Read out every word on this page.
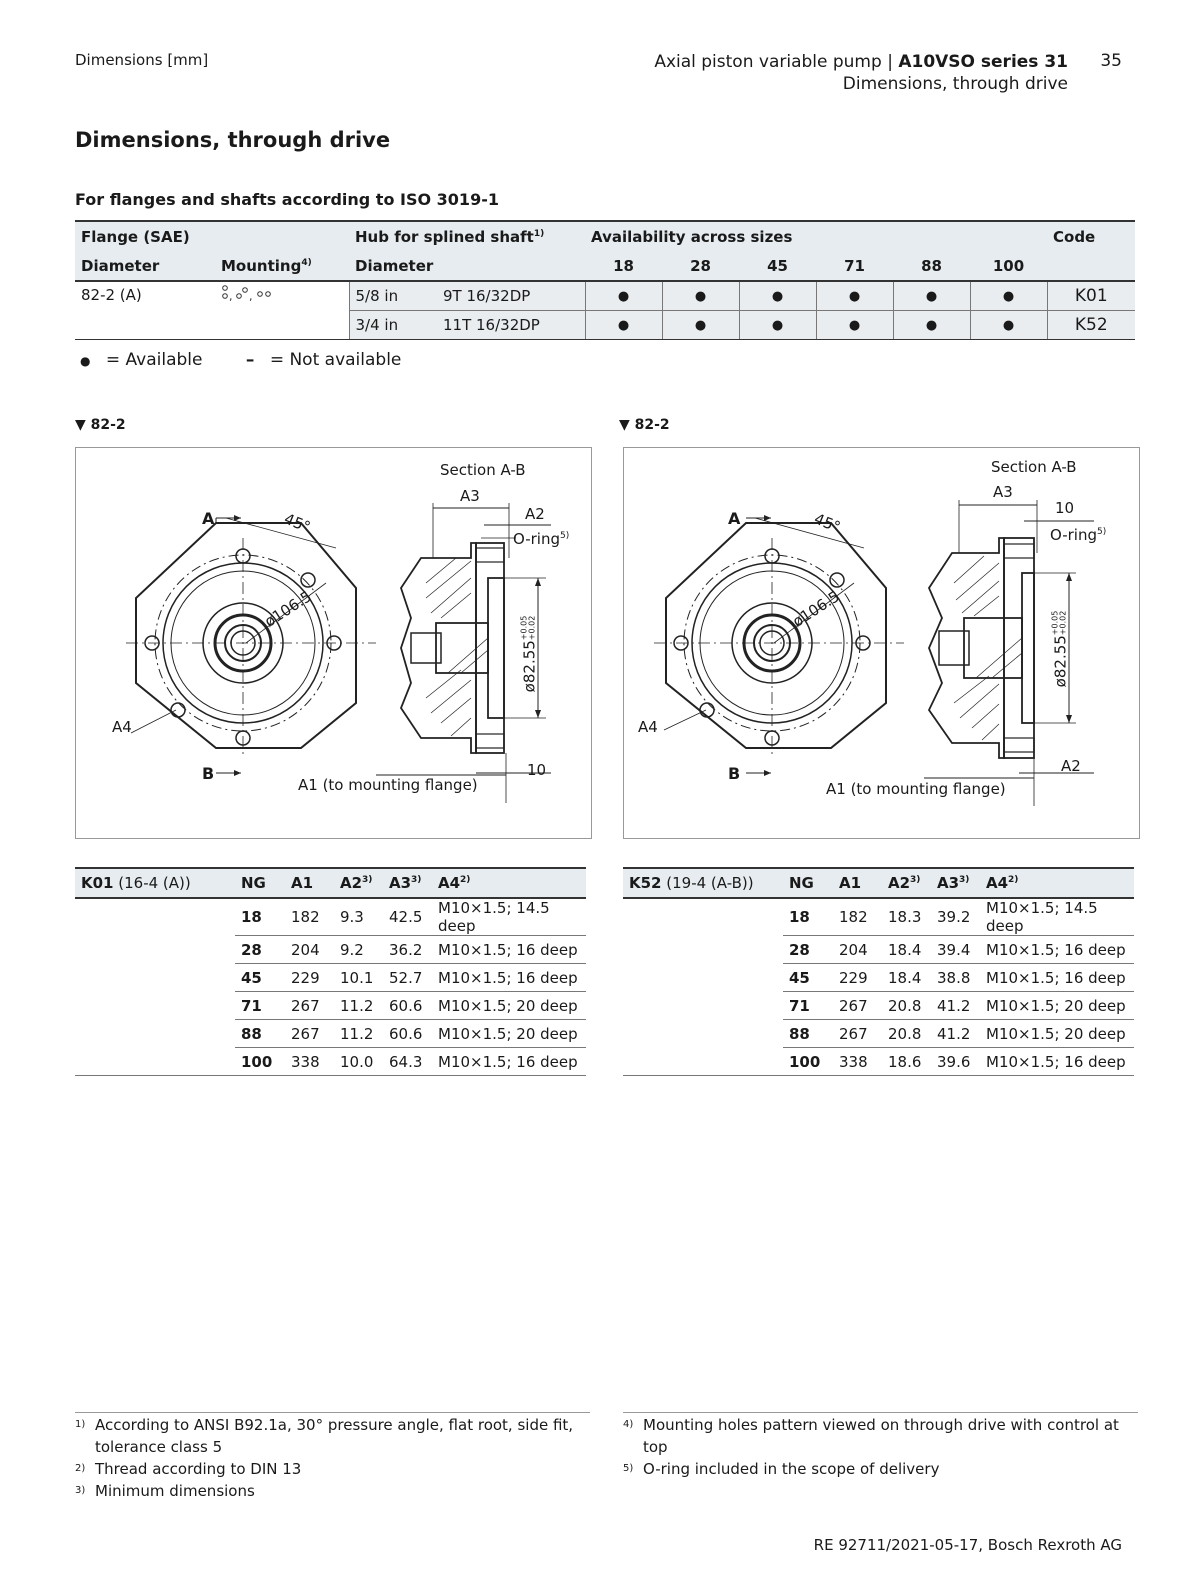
Dimensions [mm]	Axial piston variable pump | A10VSO series 31
Dimensions, through drive
35
Dimensions, through drive
For flanges and shafts according to ISO 3019-1
Flange (SAE)		Hub for splined shaft$^{1)}$		Availability across sizes						Code
Diameter	Mounting$^{4)}$	Diameter		18	28	45	71	88	100	
82-2 (A)	, ,	5/8 in	9T 16/32DP	●	●	●	●	●	●	K01
		3/4 in	11T 16/32DP	●	●	●	●	●	●	K52
● = Available	– = Not available
▼ 82-2	▼ 82-2
Section A-B
A3
A2
O-ring$^{5)}$
A
B
45°
ø106.5
ø82.55+0.05
+0.02
A4
A1 (to mounting flange)
10
Section A-B
A3
10
O-ring$^{5)}$
A
B
45°
ø106.5
ø82.55+0.05
+0.02
A4
A1 (to mounting flange)
A2
K01 (16-4 (A))	NG	A1	A2$^{3)}$	A3$^{3)}$	A4$^{2)}$
	18	182	9.3	42.5	M10×1.5; 14.5 deep
	28	204	9.2	36.2	M10×1.5; 16 deep
	45	229	10.1	52.7	M10×1.5; 16 deep
	71	267	11.2	60.6	M10×1.5; 20 deep
	88	267	11.2	60.6	M10×1.5; 20 deep
	100	338	10.0	64.3	M10×1.5; 16 deep
K52 (19-4 (A-B))	NG	A1	A2$^{3)}$	A3$^{3)}$	A4$^{2)}$
	18	182	18.3	39.2	M10×1.5; 14.5 deep
	28	204	18.4	39.4	M10×1.5; 16 deep
	45	229	18.4	38.8	M10×1.5; 16 deep
	71	267	20.8	41.2	M10×1.5; 20 deep
	88	267	20.8	41.2	M10×1.5; 20 deep
	100	338	18.6	39.6	M10×1.5; 16 deep
1) According to ANSI B92.1a, 30° pressure angle, flat root, side fit, tolerance class 5
2) Thread according to DIN 13
3) Minimum dimensions
4) Mounting holes pattern viewed on through drive with control at top
5) O-ring included in the scope of delivery
RE 92711/2021-05-17, Bosch Rexroth AG
